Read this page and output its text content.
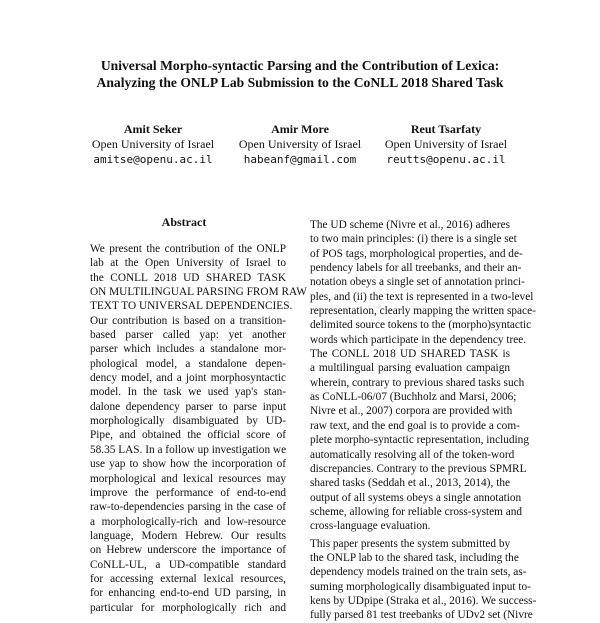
Universal Morpho-syntactic Parsing and the Contribution of Lexica:
Analyzing the ONLP Lab Submission to the CoNLL 2018 Shared Task
Amit Seker
Open University of Israel
amitse@openu.ac.il
Amir More
Open University of Israel
habeanf@gmail.com
Reut Tsarfaty
Open University of Israel
reutts@openu.ac.il
Abstract
We present the contribution of the ONLP
lab at the Open University of Israel to
the CONLL 2018 UD SHARED TASK
ON MULTILINGUAL PARSING FROM RAW
TEXT TO UNIVERSAL DEPENDENCIES.
Our contribution is based on a transition-
based parser called yap: yet another
parser which includes a standalone mor-
phological model, a standalone depen-
dency model, and a joint morphosyntactic
model. In the task we used yap's stan-
dalone dependency parser to parse input
morphologically disambiguated by UD-
Pipe, and obtained the official score of
58.35 LAS. In a follow up investigation we
use yap to show how the incorporation of
morphological and lexical resources may
improve the performance of end-to-end
raw-to-dependencies parsing in the case of
a morphologically-rich and low-resource
language, Modern Hebrew. Our results
on Hebrew underscore the importance of
CoNLL-UL, a UD-compatible standard
for accessing external lexical resources,
for enhancing end-to-end UD parsing, in
particular for morphologically rich and
The UD scheme (Nivre et al., 2016) adheres
to two main principles: (i) there is a single set
of POS tags, morphological properties, and de-
pendency labels for all treebanks, and their an-
notation obeys a single set of annotation princi-
ples, and (ii) the text is represented in a two-level
representation, clearly mapping the written space-
delimited source tokens to the (morpho)syntactic
words which participate in the dependency tree.
The CONLL 2018 UD SHARED TASK is
a multilingual parsing evaluation campaign
wherein, contrary to previous shared tasks such
as CoNLL-06/07 (Buchholz and Marsi, 2006;
Nivre et al., 2007) corpora are provided with
raw text, and the end goal is to provide a com-
plete morpho-syntactic representation, including
automatically resolving all of the token-word
discrepancies. Contrary to the previous SPMRL
shared tasks (Seddah et al., 2013, 2014), the
output of all systems obeys a single annotation
scheme, allowing for reliable cross-system and
cross-language evaluation.
This paper presents the system submitted by
the ONLP lab to the shared task, including the
dependency models trained on the train sets, as-
suming morphologically disambiguated input to-
kens by UDpipe (Straka et al., 2016). We success-
fully parsed 81 test treebanks of UDv2 set (Nivre
